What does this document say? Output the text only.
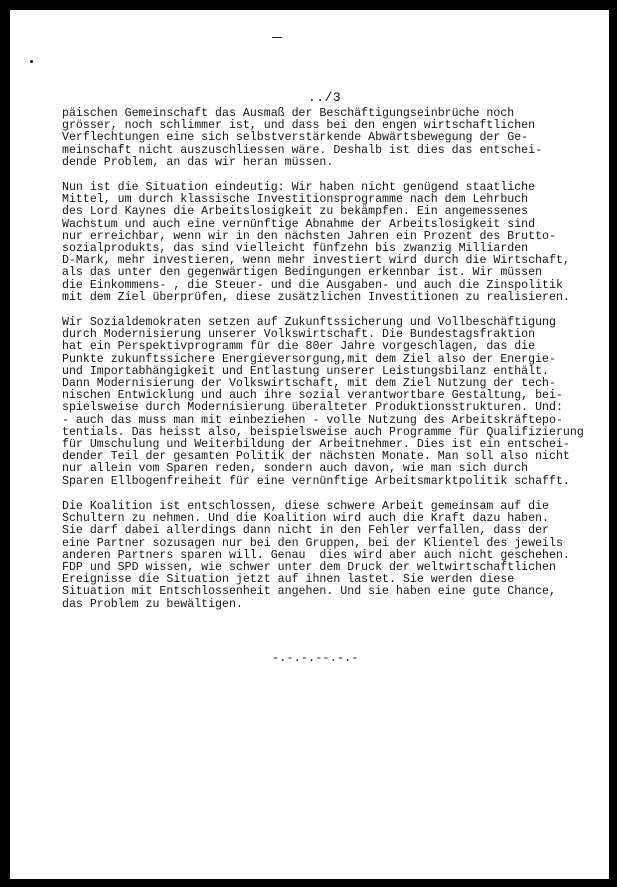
../3

päischen Gemeinschaft das Ausmaß der Beschäftigungseinbrüche noch
grösser, noch schlimmer ist, und dass bei den engen wirtschaftlichen
Verflechtungen eine sich selbstverstärkende Abwärtsbewegung der Ge-
meinschaft nicht auszuschliessen wäre. Deshalb ist dies das entschei-
dende Problem, an das wir heran müssen.

Nun ist die Situation eindeutig: Wir haben nicht genügend staatliche
Mittel, um durch klassische Investitionsprogramme nach dem Lehrbuch
des Lord Kaynes die Arbeitslosigkeit zu bekämpfen. Ein angemessenes
Wachstum und auch eine vernünftige Abnahme der Arbeitslosigkeit sind
nur erreichbar, wenn wir in den nächsten Jahren ein Prozent des Brutto-
sozialprodukts, das sind vielleicht fünfzehn bis zwanzig Milliarden
D-Mark, mehr investieren, wenn mehr investiert wird durch die Wirtschaft,
als das unter den gegenwärtigen Bedingungen erkennbar ist. Wir müssen
die Einkommens- , die Steuer- und die Ausgaben- und auch die Zinspolitik
mit dem Ziel überprüfen, diese zusätzlichen Investitionen zu realisieren.

Wir Sozialdemokraten setzen auf Zukunftssicherung und Vollbeschäftigung
durch Modernisierung unserer Volkswirtschaft. Die Bundestagsfraktion
hat ein Perspektivprogramm für die 80er Jahre vorgeschlagen, das die
Punkte zukunftssichere Energieversorgung,mit dem Ziel also der Energie-
und Importabhängigkeit und Entlastung unserer Leistungsbilanz enthält.
Dann Modernisierung der Volkswirtschaft, mit dem Ziel Nutzung der tech-
nischen Entwicklung und auch ihre sozial verantwortbare Gestaltung, bei-
spielsweise durch Modernisierung überalteter Produktionsstrukturen. Und:
- auch das muss man mit einbeziehen - volle Nutzung des Arbeitskräftepo-
tentials. Das heisst also, beispielsweise auch Programme für Qualifizierung
für Umschulung und Weiterbildung der Arbeitnehmer. Dies ist ein entschei-
dender Teil der gesamten Politik der nächsten Monate. Man soll also nicht
nur allein vom Sparen reden, sondern auch davon, wie man sich durch
Sparen Ellbogenfreiheit für eine vernünftige Arbeitsmarktpolitik schafft.

Die Koalition ist entschlossen, diese schwere Arbeit gemeinsam auf die
Schultern zu nehmen. Und die Koalition wird auch die Kraft dazu haben.
Sie darf dabei allerdings dann nicht in den Fehler verfallen, dass der
eine Partner sozusagen nur bei den Gruppen, bei der Klientel des jeweils
anderen Partners sparen will. Genau  dies wird aber auch nicht geschehen.
FDP und SPD wissen, wie schwer unter dem Druck der weltwirtschaftlichen
Ereignisse die Situation jetzt auf ihnen lastet. Sie werden diese
Situation mit Entschlossenheit angehen. Und sie haben eine gute Chance,
das Problem zu bewältigen.

-.-.-.--.-.-
